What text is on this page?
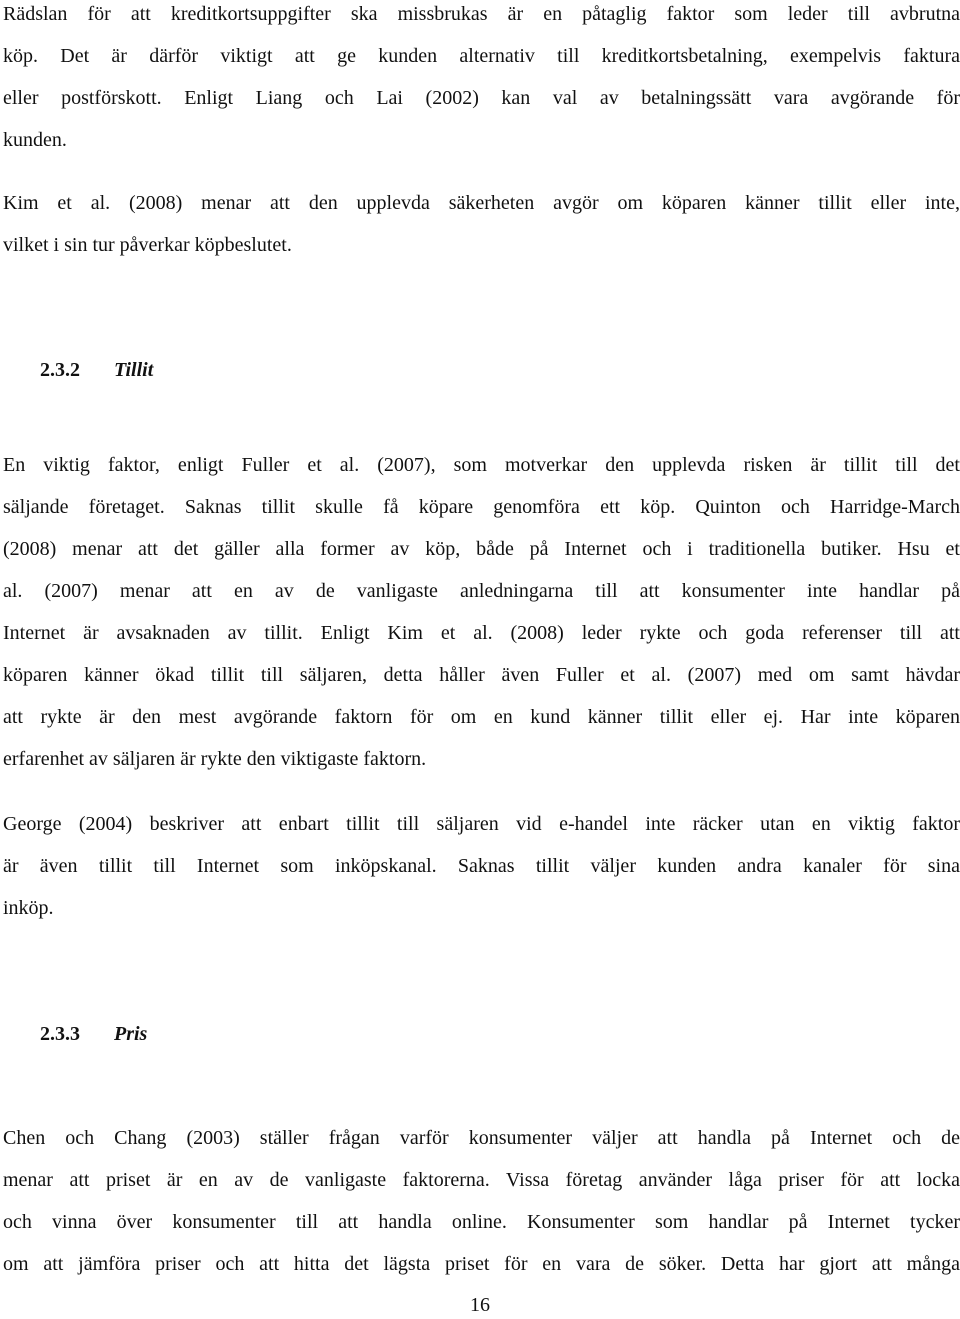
Rädslan för att kreditkortsuppgifter ska missbrukas är en påtaglig faktor som leder till avbrutna
köp. Det är därför viktigt att ge kunden alternativ till kreditkortsbetalning, exempelvis faktura
eller postförskott. Enligt Liang och Lai (2002) kan val av betalningssätt vara avgörande för
kunden.
Kim et al. (2008) menar att den upplevda säkerheten avgör om köparen känner tillit eller inte,
vilket i sin tur påverkar köpbeslutet.
2.3.2 Tillit
En viktig faktor, enligt Fuller et al. (2007), som motverkar den upplevda risken är tillit till det
säljande företaget. Saknas tillit skulle få köpare genomföra ett köp. Quinton och Harridge-March
(2008) menar att det gäller alla former av köp, både på Internet och i traditionella butiker. Hsu et
al. (2007) menar att en av de vanligaste anledningarna till att konsumenter inte handlar på
Internet är avsaknaden av tillit. Enligt Kim et al. (2008) leder rykte och goda referenser till att
köparen känner ökad tillit till säljaren, detta håller även Fuller et al. (2007) med om samt hävdar
att rykte är den mest avgörande faktorn för om en kund känner tillit eller ej. Har inte köparen
erfarenhet av säljaren är rykte den viktigaste faktorn.
George (2004) beskriver att enbart tillit till säljaren vid e-handel inte räcker utan en viktig faktor
är även tillit till Internet som inköpskanal. Saknas tillit väljer kunden andra kanaler för sina
inköp.
2.3.3 Pris
Chen och Chang (2003) ställer frågan varför konsumenter väljer att handla på Internet och de
menar att priset är en av de vanligaste faktorerna. Vissa företag använder låga priser för att locka
och vinna över konsumenter till att handla online. Konsumenter som handlar på Internet tycker
om att jämföra priser och att hitta det lägsta priset för en vara de söker. Detta har gjort att många
16
